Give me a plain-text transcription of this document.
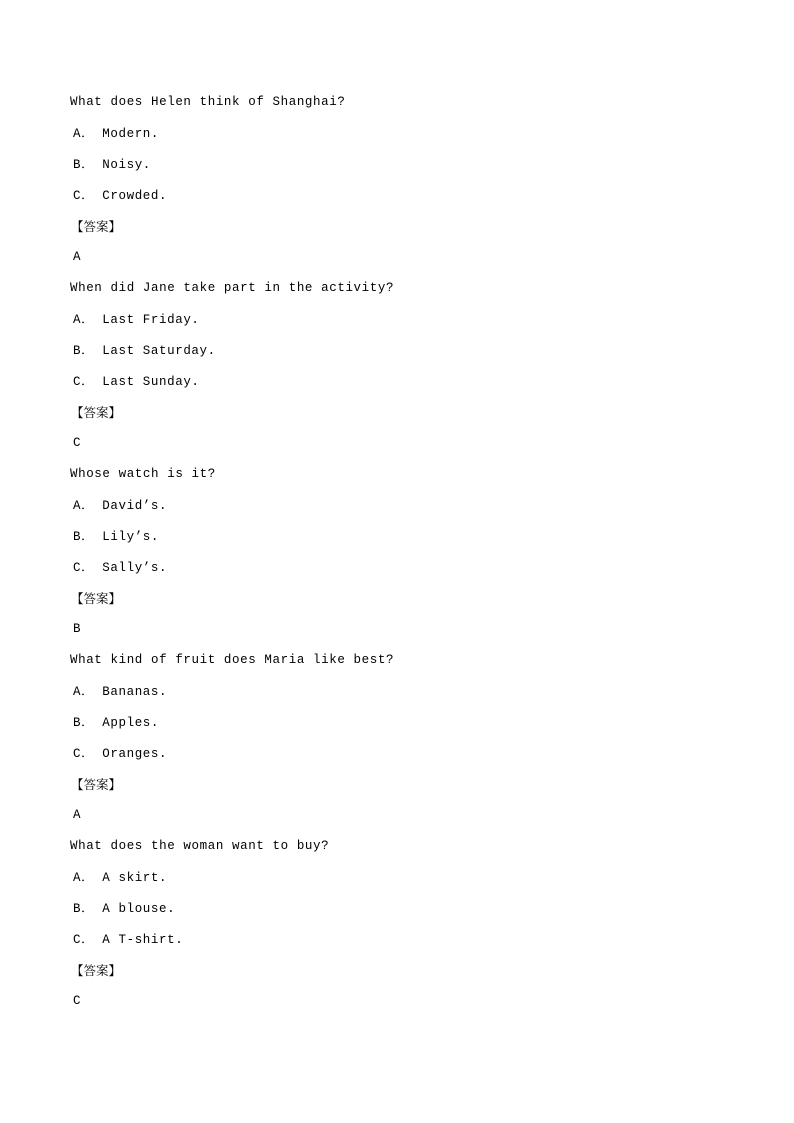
What does Helen think of Shanghai?
A． Modern.
B． Noisy.
C． Crowded.
【答案】
A
When did Jane take part in the activity?
A． Last Friday.
B． Last Saturday.
C． Last Sunday.
【答案】
C
Whose watch is it?
A． David’s.
B． Lily’s.
C． Sally’s.
【答案】
B
What kind of fruit does Maria like best?
A． Bananas.
B． Apples.
C． Oranges.
【答案】
A
What does the woman want to buy?
A． A skirt.
B． A blouse.
C． A T-shirt.
【答案】
C
